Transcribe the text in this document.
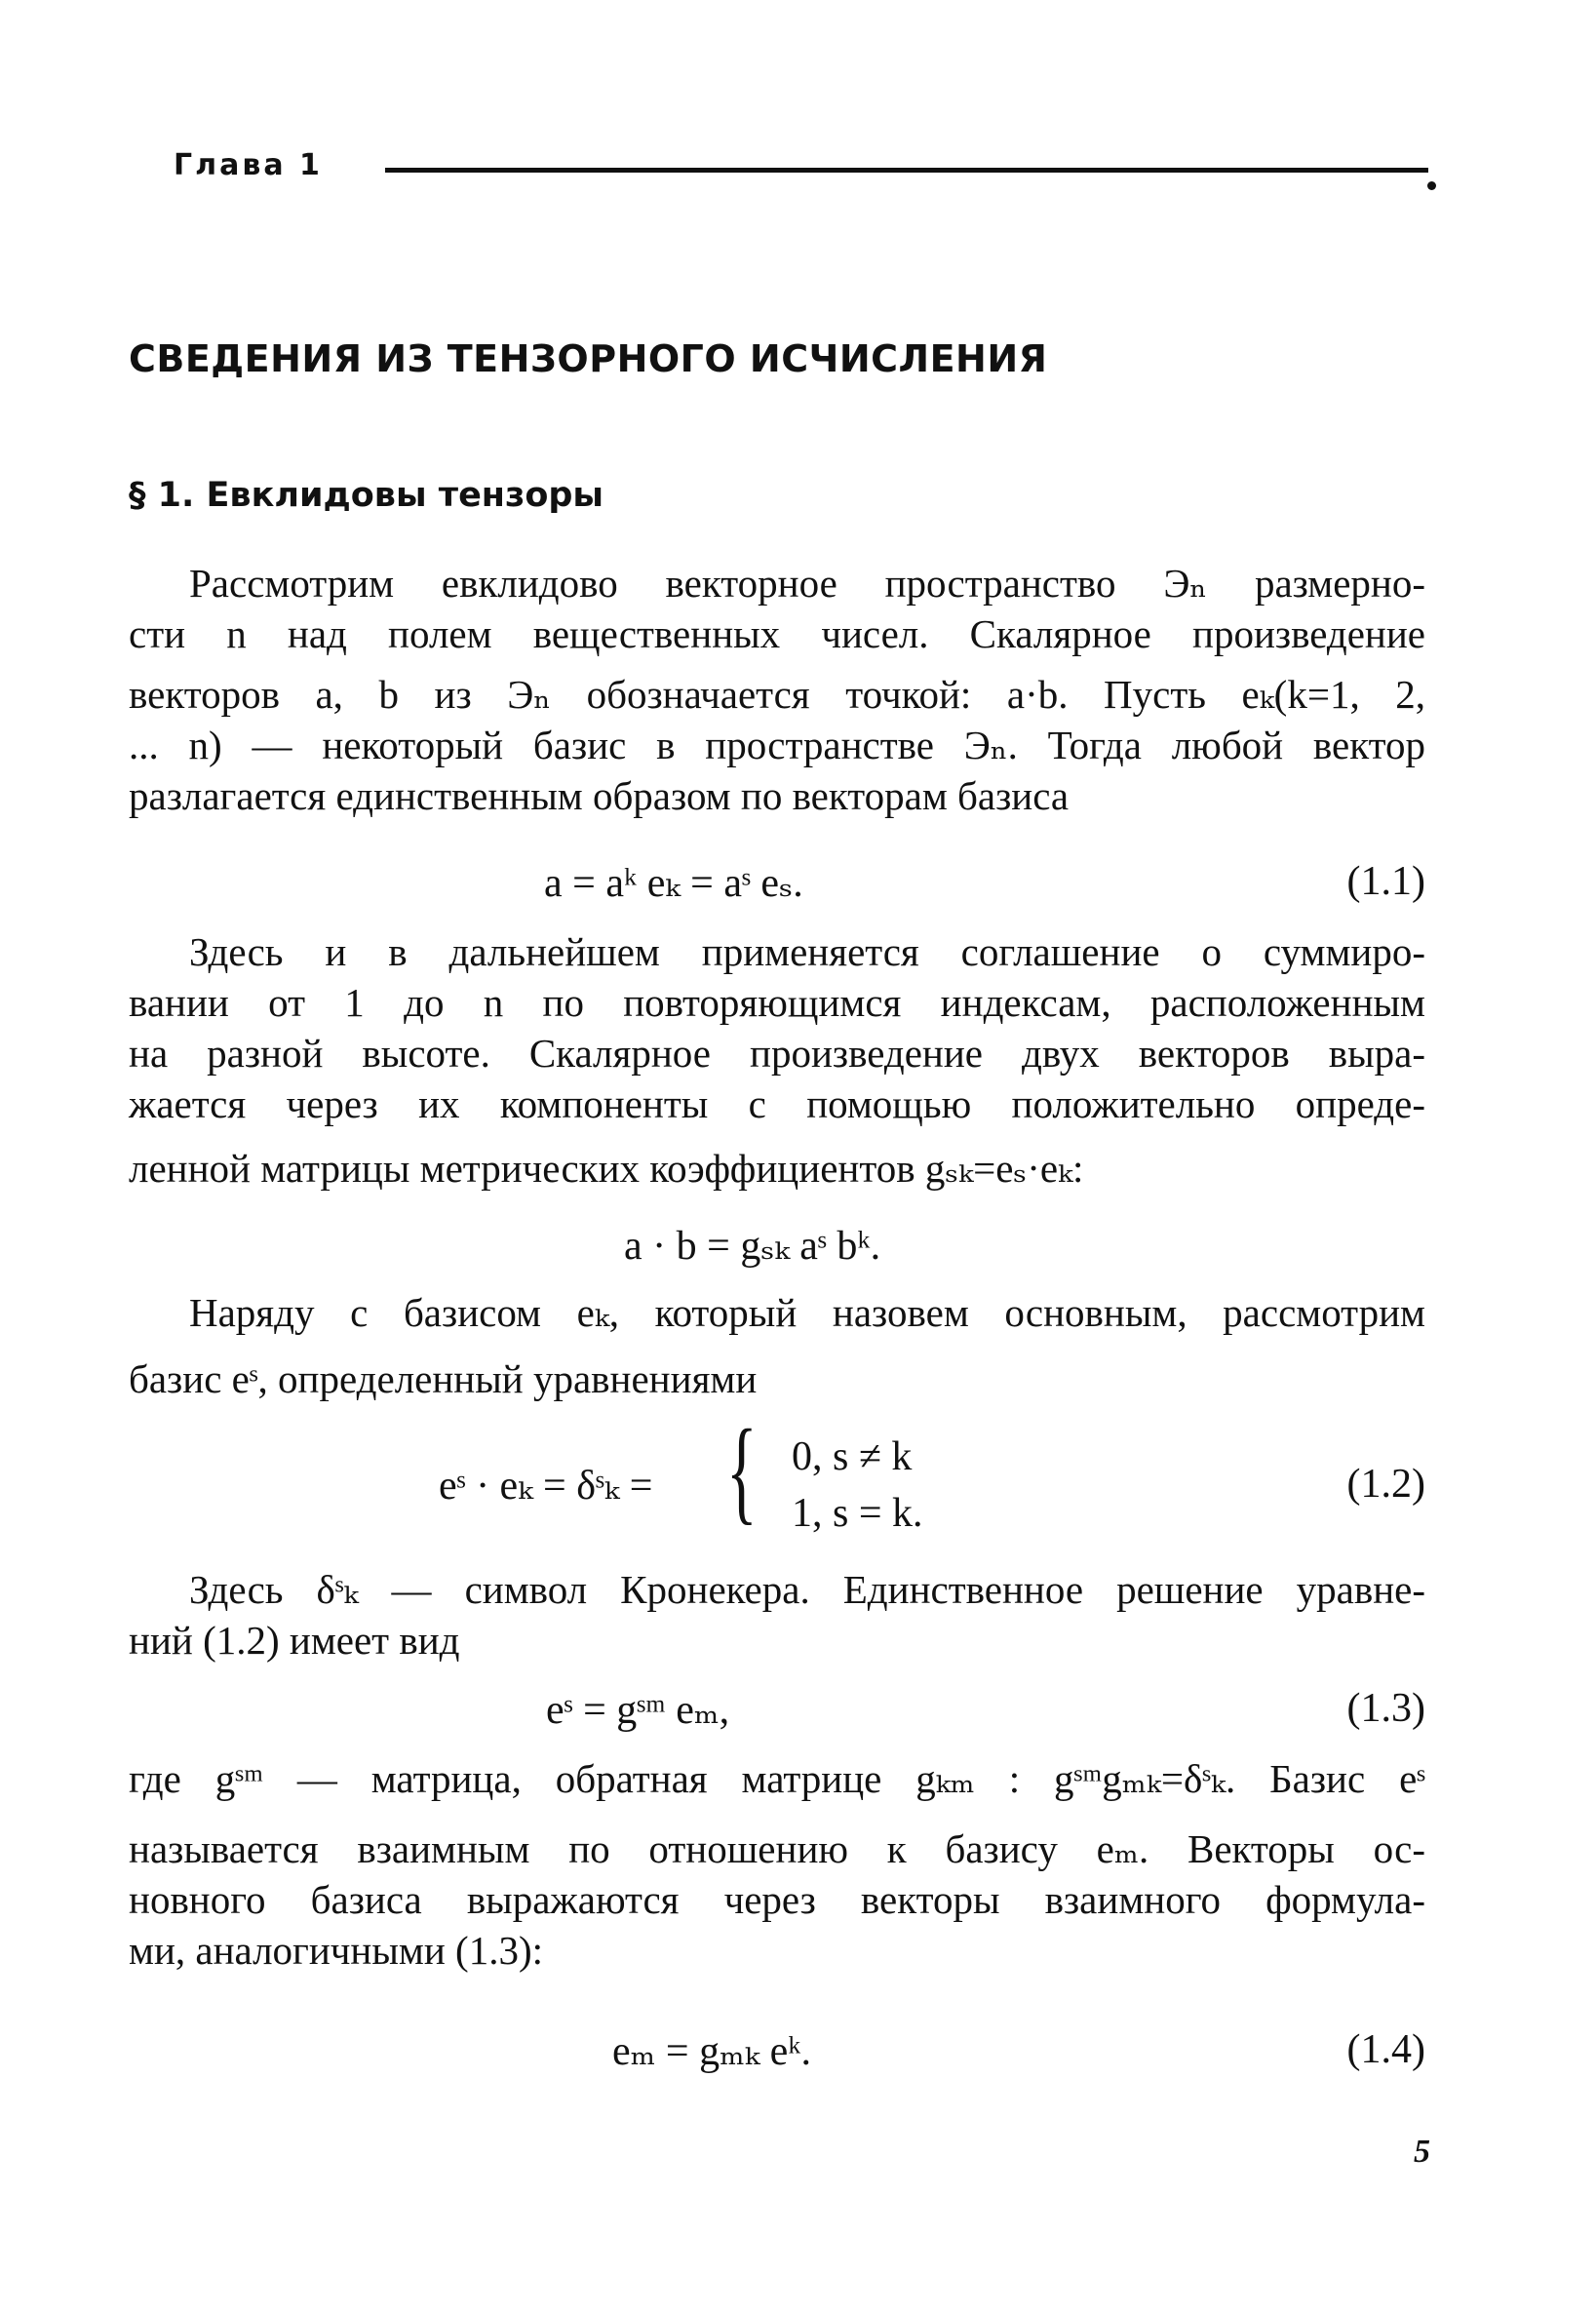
Глава 1
СВЕДЕНИЯ ИЗ ТЕНЗОРНОГО ИСЧИСЛЕНИЯ
§ 1. Евклидовы тензоры
Рассмотрим евклидово векторное пространство Эₙ размерно-
сти n над полем вещественных чисел. Скалярное произведение
векторов a, b из Эₙ обозначается точкой: a·b. Пусть eₖ(k=1, 2,
... n) — некоторый базис в пространстве Эₙ. Тогда любой вектор
разлагается единственным образом по векторам базиса
a = aᵏ eₖ = aˢ eₛ.	(1.1)
Здесь и в дальнейшем применяется соглашение о суммиро-
вании от 1 до n по повторяющимся индексам, расположенным
на разной высоте. Скалярное произведение двух векторов выра-
жается через их компоненты с помощью положительно опреде-
ленной матрицы метрических коэффициентов gₛₖ=eₛ·eₖ:
a · b = gₛₖ aˢ bᵏ.
Наряду с базисом eₖ, который назовем основным, рассмотрим
базис eˢ, определенный уравнениями
eˢ · eₖ = δˢₖ = { 0, s ≠ k
1, s = k.
(1.2)
Здесь δˢₖ — символ Кронекера. Единственное решение уравне-
ний (1.2) имеет вид
eˢ = gˢᵐ eₘ,	(1.3)
где gˢᵐ — матрица, обратная матрице gₖₘ : gˢᵐgₘₖ=δˢₖ. Базис eˢ
называется взаимным по отношению к базису eₘ. Векторы ос-
новного базиса выражаются через векторы взаимного формула-
ми, аналогичными (1.3):
eₘ = gₘₖ eᵏ.	(1.4)
5
